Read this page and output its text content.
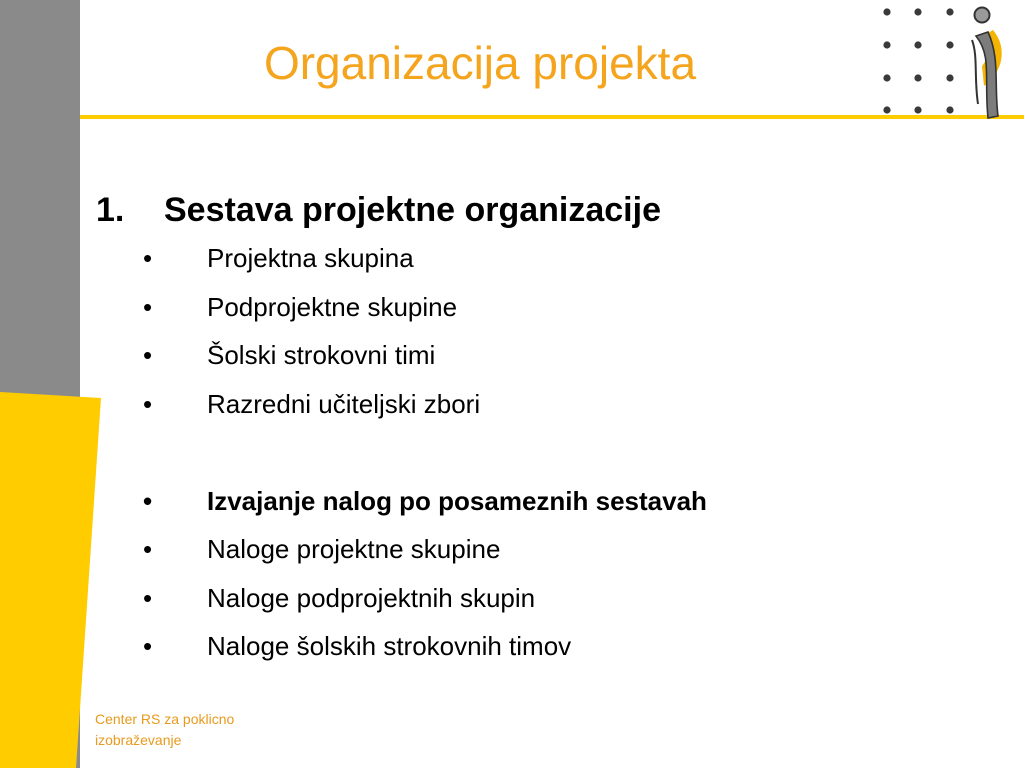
Organizacija projekta
1.	Sestava projektne organizacije
•	Projektna skupina
•	Podprojektne skupine
•	Šolski strokovni timi
•	Razredni učiteljski zbori
•	Izvajanje nalog po posameznih sestavah
•	Naloge projektne skupine
•	Naloge podprojektnih skupin
•	Naloge šolskih strokovnih timov
Center RS za poklicno
izobraževanje
